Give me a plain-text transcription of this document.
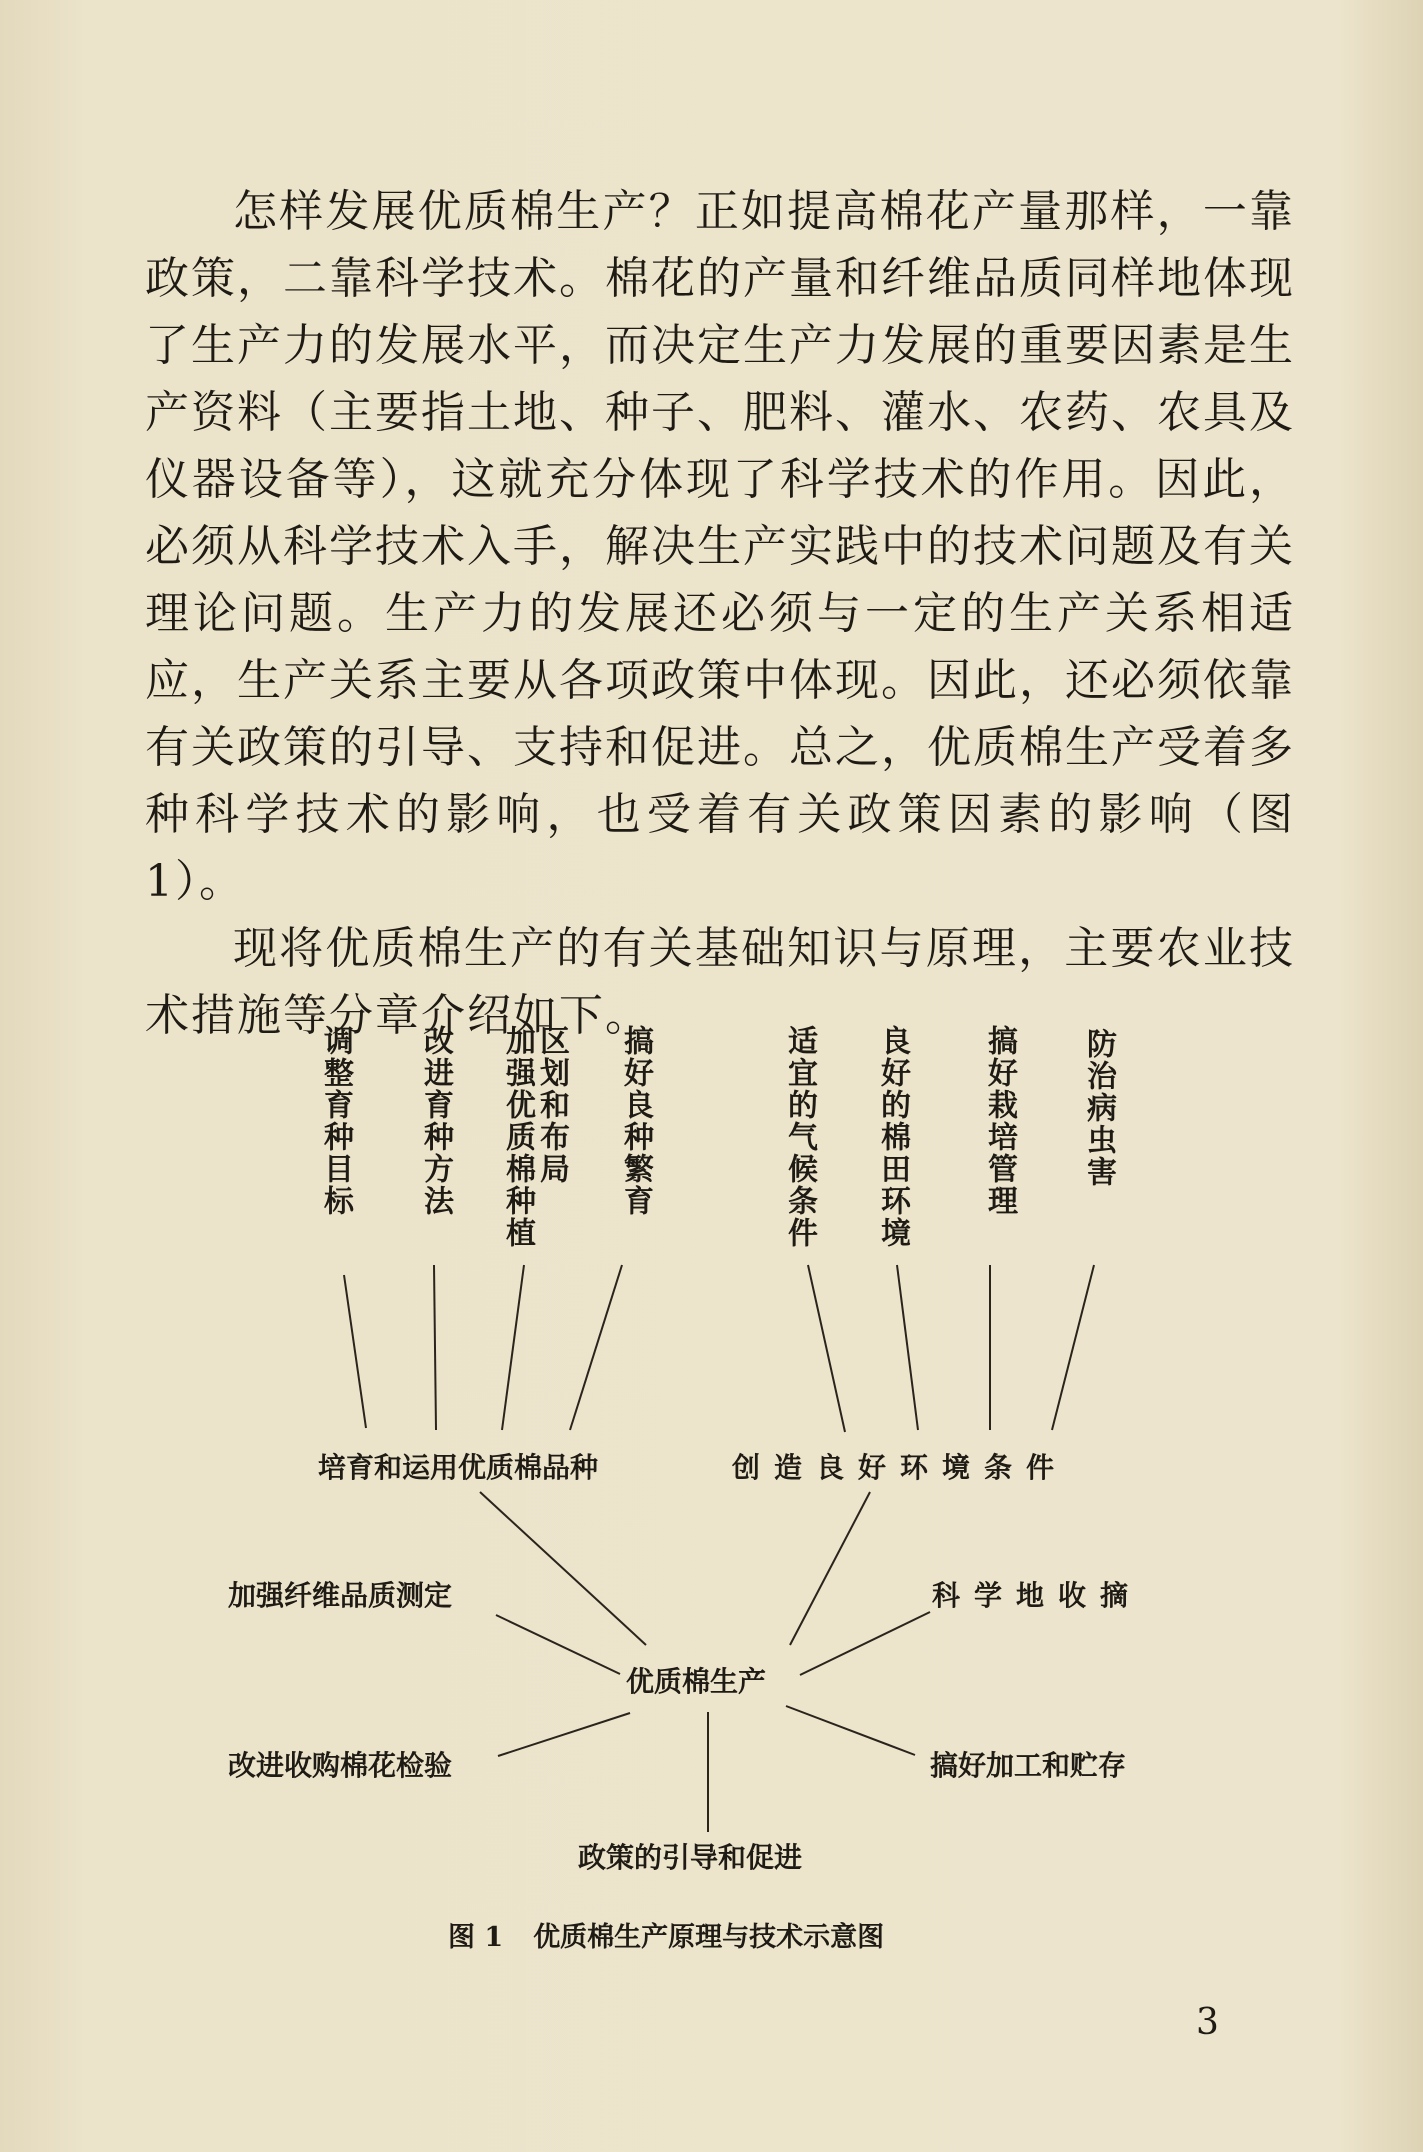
怎样发展优质棉生产？正如提高棉花产量那样，一靠政策，二靠科学技术。棉花的产量和纤维品质同样地体现了生产力的发展水平，而决定生产力发展的重要因素是生产资料（主要指土地、种子、肥料、灌水、农药、农具及仪器设备等），这就充分体现了科学技术的作用。因此，必须从科学技术入手，解决生产实践中的技术问题及有关理论问题。生产力的发展还必须与一定的生产关系相适应，生产关系主要从各项政策中体现。因此，还必须依靠有关政策的引导、支持和促进。总之，优质棉生产受着多种科学技术的影响，也受着有关政策因素的影响（图1）。

现将优质棉生产的有关基础知识与原理，主要农业技术措施等分章介绍如下。

调整育种目标 改进育种方法 加强优质棉种植 区划和布局 搞好良种繁育	适宜的气候条件 良好的棉田环境 搞好栽培管理 防治病虫害
培育和运用优质棉品种	创造良好环境条件
加强纤维品质测定	科学地收摘
优质棉生产
改进收购棉花检验	搞好加工和贮存
政策的引导和促进
图 1 优质棉生产原理与技术示意图
3
